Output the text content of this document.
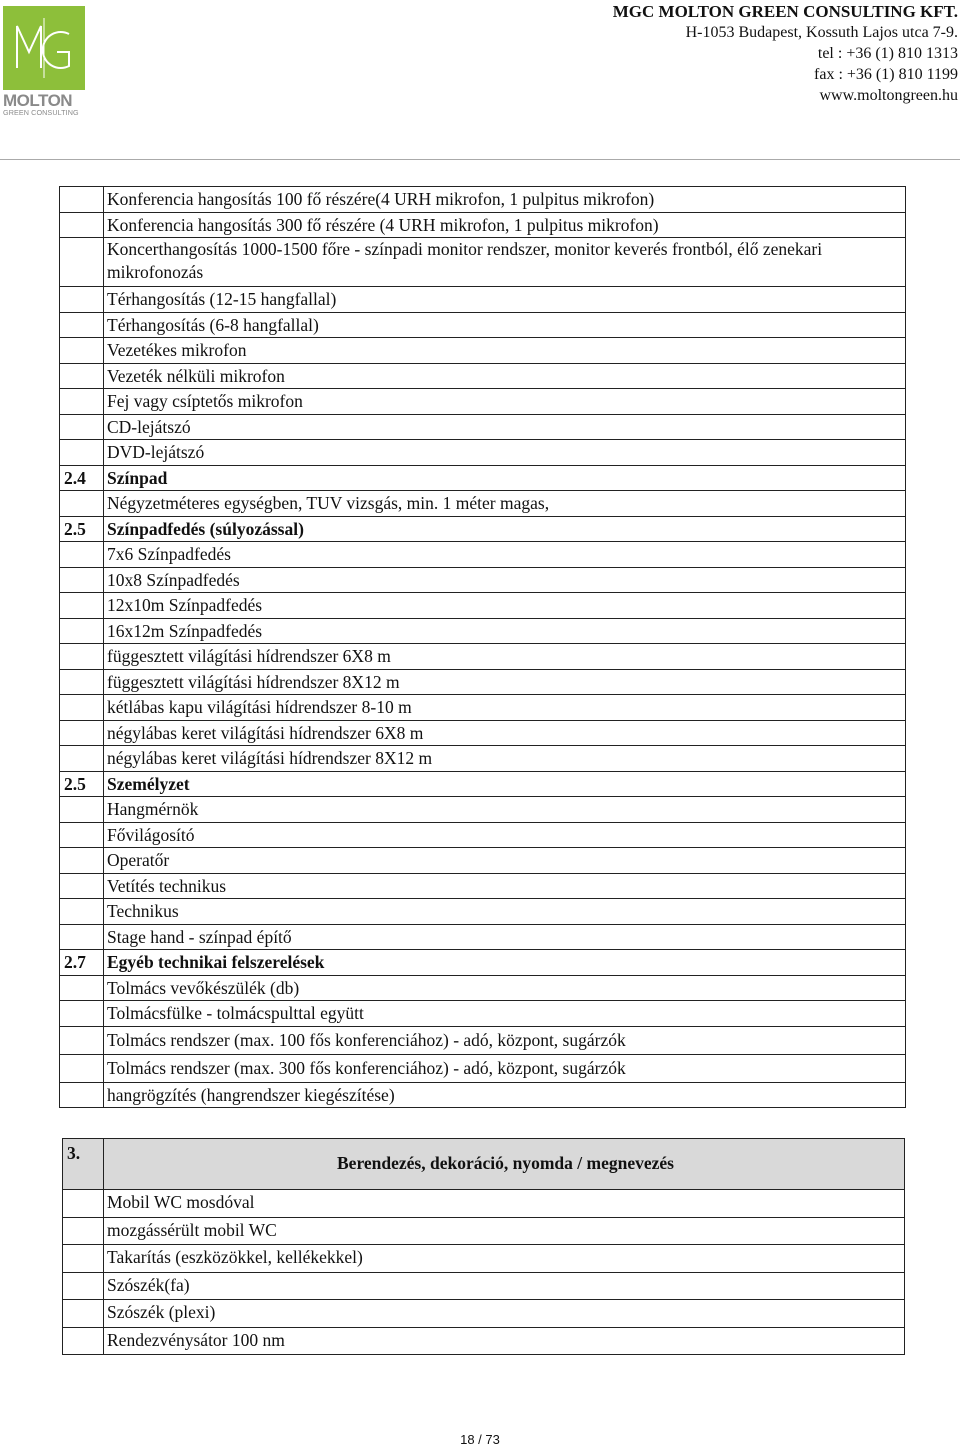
MOLTON
GREEN CONSULTING
MGC MOLTON GREEN CONSULTING KFT.
H-1053 Budapest, Kossuth Lajos utca 7-9.
tel : +36 (1) 810 1313
fax : +36 (1) 810 1199
www.moltongreen.hu
	Konferencia hangosítás 100 fő részére(4 URH mikrofon, 1 pulpitus mikrofon)
	Konferencia hangosítás 300 fő részére (4 URH mikrofon, 1 pulpitus mikrofon)
	Koncerthangosítás 1000-1500 főre - színpadi monitor rendszer, monitor keverés frontból, élő zenekari mikrofonozás
	Térhangosítás (12-15 hangfallal)
	Térhangosítás (6-8 hangfallal)
	Vezetékes mikrofon
	Vezeték nélküli mikrofon
	Fej vagy csíptetős mikrofon
	CD-lejátszó
	DVD-lejátszó
2.4	Színpad
	Négyzetméteres egységben, TUV vizsgás, min. 1 méter magas,
2.5	Színpadfedés (súlyozással)
	7x6 Színpadfedés
	10x8 Színpadfedés
	12x10m Színpadfedés
	16x12m Színpadfedés
	függesztett világítási hídrendszer 6X8 m
	függesztett világítási hídrendszer 8X12 m
	kétlábas kapu világítási hídrendszer 8-10 m
	négylábas keret világítási hídrendszer 6X8 m
	négylábas keret világítási hídrendszer 8X12 m
2.5	Személyzet
	Hangmérnök
	Fővilágosító
	Operatőr
	Vetítés technikus
	Technikus
	Stage hand - színpad építő
2.7	Egyéb technikai felszerelések
	Tolmács vevőkészülék (db)
	Tolmácsfülke - tolmácspulttal együtt
	Tolmács rendszer (max. 100 fős konferenciához) - adó, központ, sugárzók
	Tolmács rendszer (max. 300 fős konferenciához) - adó, központ, sugárzók
	hangrögzítés (hangrendszer kiegészítése)
3.	Berendezés, dekoráció, nyomda / megnevezés

	Mobil WC mosdóval
	mozgássérült mobil WC
	Takarítás (eszközökkel, kellékekkel)
	Szószék(fa)
	Szószék (plexi)
	Rendezvénysátor 100 nm
18 / 73
